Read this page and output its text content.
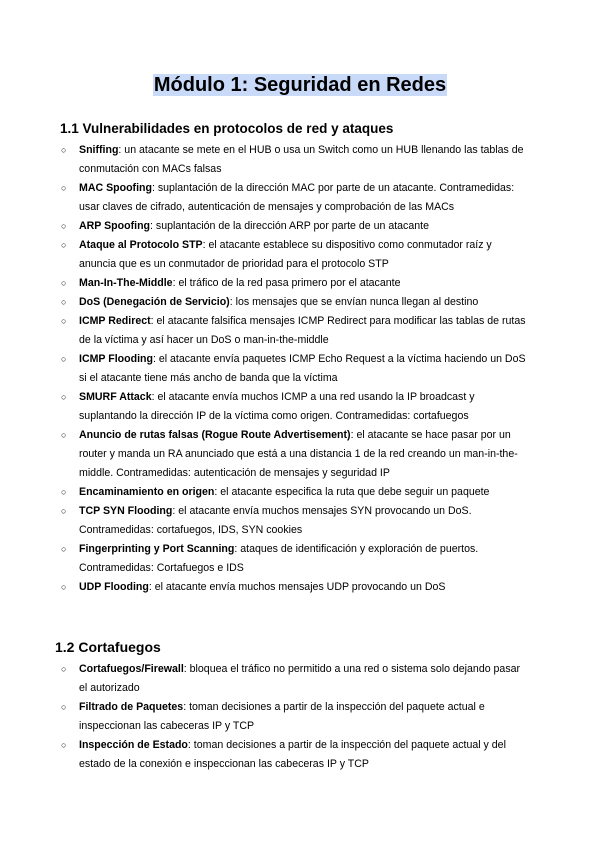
Módulo 1: Seguridad en Redes
1.1 Vulnerabilidades en protocolos de red y ataques
○ Sniffing: un atacante se mete en el HUB o usa un Switch como un HUB llenando las tablas de conmutación con MACs falsas
○ MAC Spoofing: suplantación de la dirección MAC por parte de un atacante. Contramedidas: usar claves de cifrado, autenticación de mensajes y comprobación de las MACs
○ ARP Spoofing: suplantación de la dirección ARP por parte de un atacante
○ Ataque al Protocolo STP: el atacante establece su dispositivo como conmutador raíz y anuncia que es un conmutador de prioridad para el protocolo STP
○ Man-In-The-Middle: el tráfico de la red pasa primero por el atacante
○ DoS (Denegación de Servicio): los mensajes que se envían nunca llegan al destino
○ ICMP Redirect: el atacante falsifica mensajes ICMP Redirect para modificar las tablas de rutas de la víctima y así hacer un DoS o man-in-the-middle
○ ICMP Flooding: el atacante envía paquetes ICMP Echo Request a la víctima haciendo un DoS si el atacante tiene más ancho de banda que la víctima
○ SMURF Attack: el atacante envía muchos ICMP a una red usando la IP broadcast y suplantando la dirección IP de la víctima como origen. Contramedidas: cortafuegos
○ Anuncio de rutas falsas (Rogue Route Advertisement): el atacante se hace pasar por un router y manda un RA anunciado que está a una distancia 1 de la red creando un man-in-the-middle. Contramedidas: autenticación de mensajes y seguridad IP
○ Encaminamiento en origen: el atacante especifica la ruta que debe seguir un paquete
○ TCP SYN Flooding: el atacante envía muchos mensajes SYN provocando un DoS. Contramedidas: cortafuegos, IDS, SYN cookies
○ Fingerprinting y Port Scanning: ataques de identificación y exploración de puertos. Contramedidas: Cortafuegos e IDS
○ UDP Flooding: el atacante envía muchos mensajes UDP provocando un DoS
1.2 Cortafuegos
○ Cortafuegos/Firewall: bloquea el tráfico no permitido a una red o sistema solo dejando pasar el autorizado
○ Filtrado de Paquetes: toman decisiones a partir de la inspección del paquete actual e inspeccionan las cabeceras IP y TCP
○ Inspección de Estado: toman decisiones a partir de la inspección del paquete actual y del estado de la conexión e inspeccionan las cabeceras IP y TCP
